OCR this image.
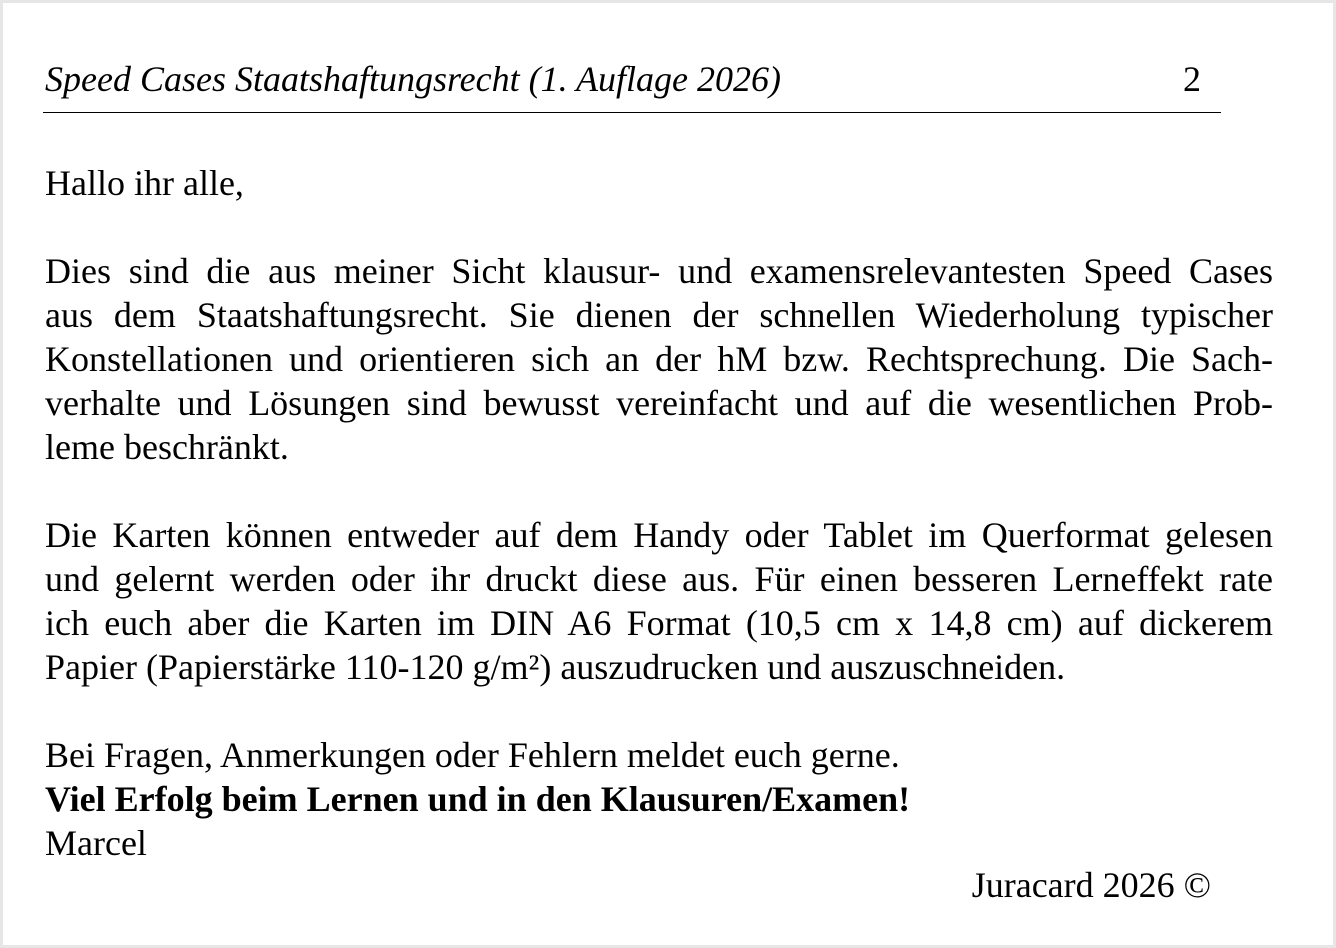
Speed Cases Staatshaftungsrecht (1. Auflage 2026)	2
Hallo ihr alle,
Dies sind die aus meiner Sicht klausur- und examensrelevantesten Speed Cases
aus dem Staatshaftungsrecht. Sie dienen der schnellen Wiederholung typischer
Konstellationen und orientieren sich an der hM bzw. Rechtsprechung. Die Sach-
verhalte und Lösungen sind bewusst vereinfacht und auf die wesentlichen Prob-
leme beschränkt.
Die Karten können entweder auf dem Handy oder Tablet im Querformat gelesen
und gelernt werden oder ihr druckt diese aus. Für einen besseren Lerneffekt rate
ich euch aber die Karten im DIN A6 Format (10,5 cm x 14,8 cm) auf dickerem
Papier (Papierstärke 110-120 g/m²) auszudrucken und auszuschneiden.
Bei Fragen, Anmerkungen oder Fehlern meldet euch gerne.
Viel Erfolg beim Lernen und in den Klausuren/Examen!
Marcel
Juracard 2026 ©
